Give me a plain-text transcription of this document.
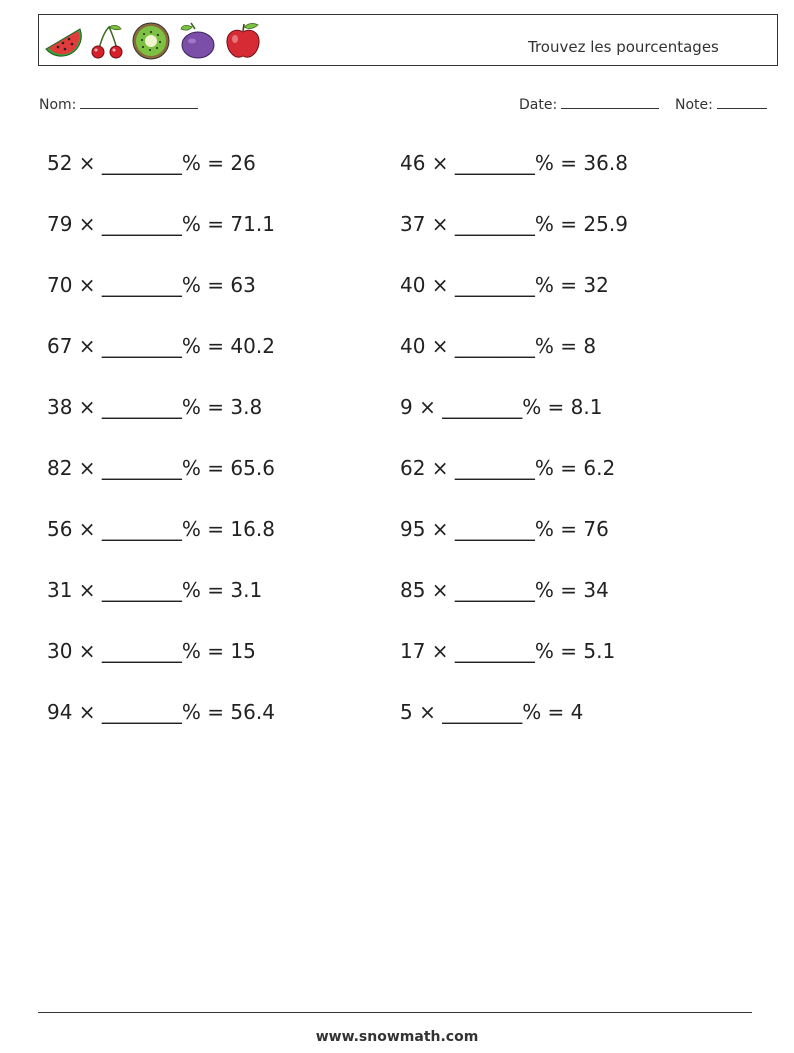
Trouvez les pourcentages
Nom:	Date:	Note:
52 × ________% = 26
79 × ________% = 71.1
70 × ________% = 63
67 × ________% = 40.2
38 × ________% = 3.8
82 × ________% = 65.6
56 × ________% = 16.8
31 × ________% = 3.1
30 × ________% = 15
94 × ________% = 56.4
46 × ________% = 36.8
37 × ________% = 25.9
40 × ________% = 32
40 × ________% = 8
9 × ________% = 8.1
62 × ________% = 6.2
95 × ________% = 76
85 × ________% = 34
17 × ________% = 5.1
5 × ________% = 4
www.snowmath.com
